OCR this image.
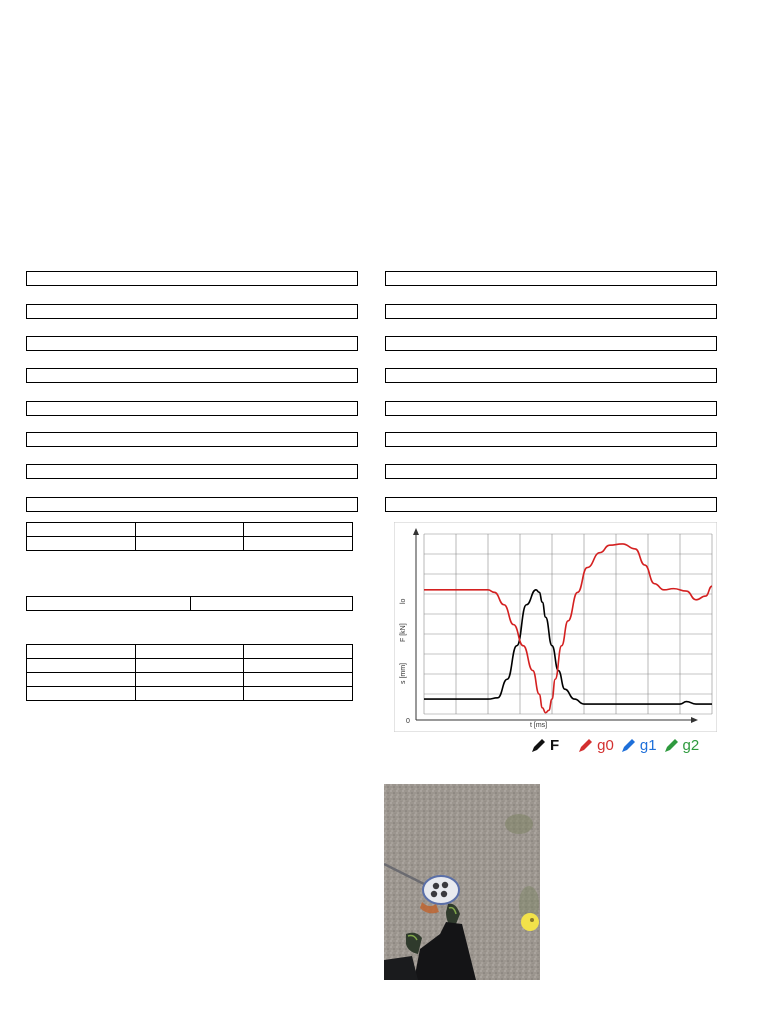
0
t [ms]
F [kN]
s [mm]
lo
F	g0 g1 g2
